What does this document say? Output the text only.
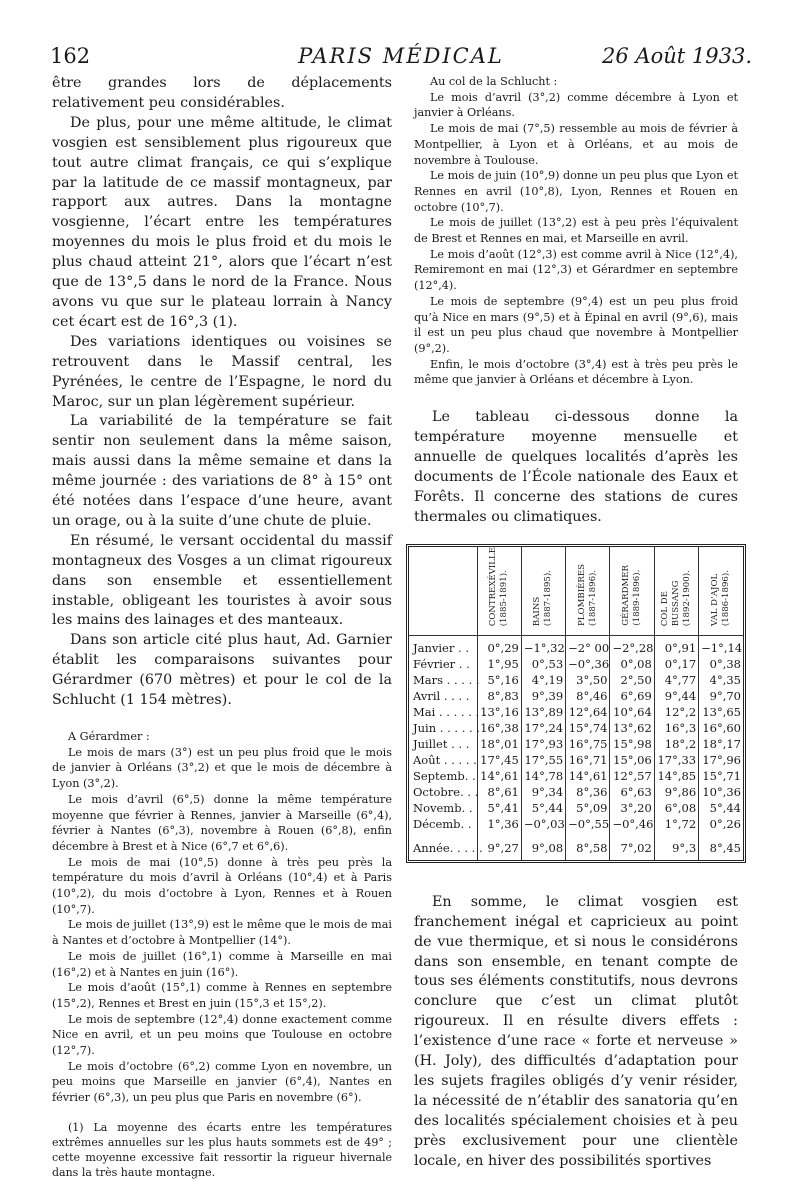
162	PARIS MÉDICAL	26 Août 1933.

être grandes lors de déplacements relativement peu considérables.

De plus, pour une même altitude, le climat vosgien est sensiblement plus rigoureux que tout autre climat français, ce qui s’explique par la latitude de ce massif montagneux, par rapport aux autres. Dans la montagne vosgienne, l’écart entre les températures moyennes du mois le plus froid et du mois le plus chaud atteint 21°, alors que l’écart n’est que de 13°,5 dans le nord de la France. Nous avons vu que sur le plateau lorrain à Nancy cet écart est de 16°,3 (1).

Des variations identiques ou voisines se retrouvent dans le Massif central, les Pyrénées, le centre de l’Espagne, le nord du Maroc, sur un plan légèrement supérieur.

La variabilité de la température se fait sentir non seulement dans la même saison, mais aussi dans la même semaine et dans la même journée : des variations de 8° à 15° ont été notées dans l’espace d’une heure, avant un orage, ou à la suite d’une chute de pluie.

En résumé, le versant occidental du massif montagneux des Vosges a un climat rigoureux dans son ensemble et essentiellement instable, obligeant les touristes à avoir sous les mains des lainages et des manteaux.

Dans son article cité plus haut, Ad. Garnier établit les comparaisons suivantes pour Gérardmer (670 mètres) et pour le col de la Schlucht (1 154 mètres).

A Gérardmer :

Le mois de mars (3°) est un peu plus froid que le mois de janvier à Orléans (3°,2) et que le mois de décembre à Lyon (3°,2).

Le mois d’avril (6°,5) donne la même température moyenne que février à Rennes, janvier à Marseille (6°,4), février à Nantes (6°,3), novembre à Rouen (6°,8), enfin décembre à Brest et à Nice (6°,7 et 6°,6).

Le mois de mai (10°,5) donne à très peu près la température du mois d’avril à Orléans (10°,4) et à Paris (10°,2), du mois d’octobre à Lyon, Rennes et à Rouen (10°,7).

Le mois de juillet (13°,9) est le même que le mois de mai à Nantes et d’octobre à Montpellier (14°).

Le mois de juillet (16°,1) comme à Marseille en mai (16°,2) et à Nantes en juin (16°).

Le mois d’août (15°,1) comme à Rennes en septembre (15°,2), Rennes et Brest en juin (15°,3 et 15°,2).

Le mois de septembre (12°,4) donne exactement comme Nice en avril, et un peu moins que Toulouse en octobre (12°,7).

Le mois d’octobre (6°,2) comme Lyon en novembre, un peu moins que Marseille en janvier (6°,4), Nantes en février (6°,3), un peu plus que Paris en novembre (6°).

(1) La moyenne des écarts entre les températures extrêmes annuelles sur les plus hauts sommets est de 49° ; cette moyenne excessive fait ressortir la rigueur hivernale dans la très haute montagne.

Au col de la Schlucht :

Le mois d’avril (3°,2) comme décembre à Lyon et janvier à Orléans.

Le mois de mai (7°,5) ressemble au mois de février à Montpellier, à Lyon et à Orléans, et au mois de novembre à Toulouse.

Le mois de juin (10°,9) donne un peu plus que Lyon et Rennes en avril (10°,8), Lyon, Rennes et Rouen en octobre (10°,7).

Le mois de juillet (13°,2) est à peu près l’équivalent de Brest et Rennes en mai, et Marseille en avril.

Le mois d’août (12°,3) est comme avril à Nice (12°,4), Remiremont en mai (12°,3) et Gérardmer en septembre (12°,4).

Le mois de septembre (9°,4) est un peu plus froid qu’à Nice en mars (9°,5) et à Épinal en avril (9°,6), mais il est un peu plus chaud que novembre à Montpellier (9°,2).

Enfin, le mois d’octobre (3°,4) est à très peu près le même que janvier à Orléans et décembre à Lyon.

Le tableau ci-dessous donne la température moyenne mensuelle et annuelle de quelques localités d’après les documents de l’École nationale des Eaux et Forêts. Il concerne des stations de cures thermales ou climatiques.

	CONTREXÉVILLE (1885-1891).	BAINS (1887-1895).	PLOMBIÈRES (1887-1896).	GÉRARDMER (1889-1896).	COL DE BUSSANG (1892-1900).	VAL D’AJOL (1886-1896).

Janvier . .	0°,29	−1°,32	−2° 00	−2°,28	0°,91	−1°,14
Février . .	1°,95	0°,53	−0°,36	0°,08	0°,17	0°,38
Mars . . . . .	5°,16	4°,19	3°,50	2°,50	4°,77	4°,35
Avril . . . .	8°,83	9°,39	8°,46	6°,69	9°,44	9°,70
Mai . . . . . . .	13°,16	13°,89	12°,64	10°,64	12°,2	13°,65
Juin . . . . . .	16°,38	17°,24	15°,74	13°,62	16°,3	16°,60
Juillet . . .	18°,01	17°,93	16°,75	15°,98	18°,2	18°,17
Août . . . . .	17°,45	17°,55	16°,71	15°,06	17°,33	17°,96
Septemb. .	14°,61	14°,78	14°,61	12°,57	14°,85	15°,71
Octobre. . .	8°,61	9°,34	8°,36	6°,63	9°,86	10°,36
Novemb. .	5°,41	5°,44	5°,09	3°,20	6°,08	5°,44
Décemb. .	1°,36	−0°,03	−0°,55	−0°,46	1°,72	0°,26
Année. . . . .	9°,27	9°,08	8°,58	7°,02	9°,3	8°,45

En somme, le climat vosgien est franchement inégal et capricieux au point de vue thermique, et si nous le considérons dans son ensemble, en tenant compte de tous ses éléments constitutifs, nous devrons conclure que c’est un climat plutôt rigoureux. Il en résulte divers effets : l’existence d’une race « forte et nerveuse » (H. Joly), des difficultés d’adaptation pour les sujets fragiles obligés d’y venir résider, la nécessité de n’établir des sanatoria qu’en des localités spécialement choisies et à peu près exclusivement pour une clientèle locale, en hiver des possibilités sportives
